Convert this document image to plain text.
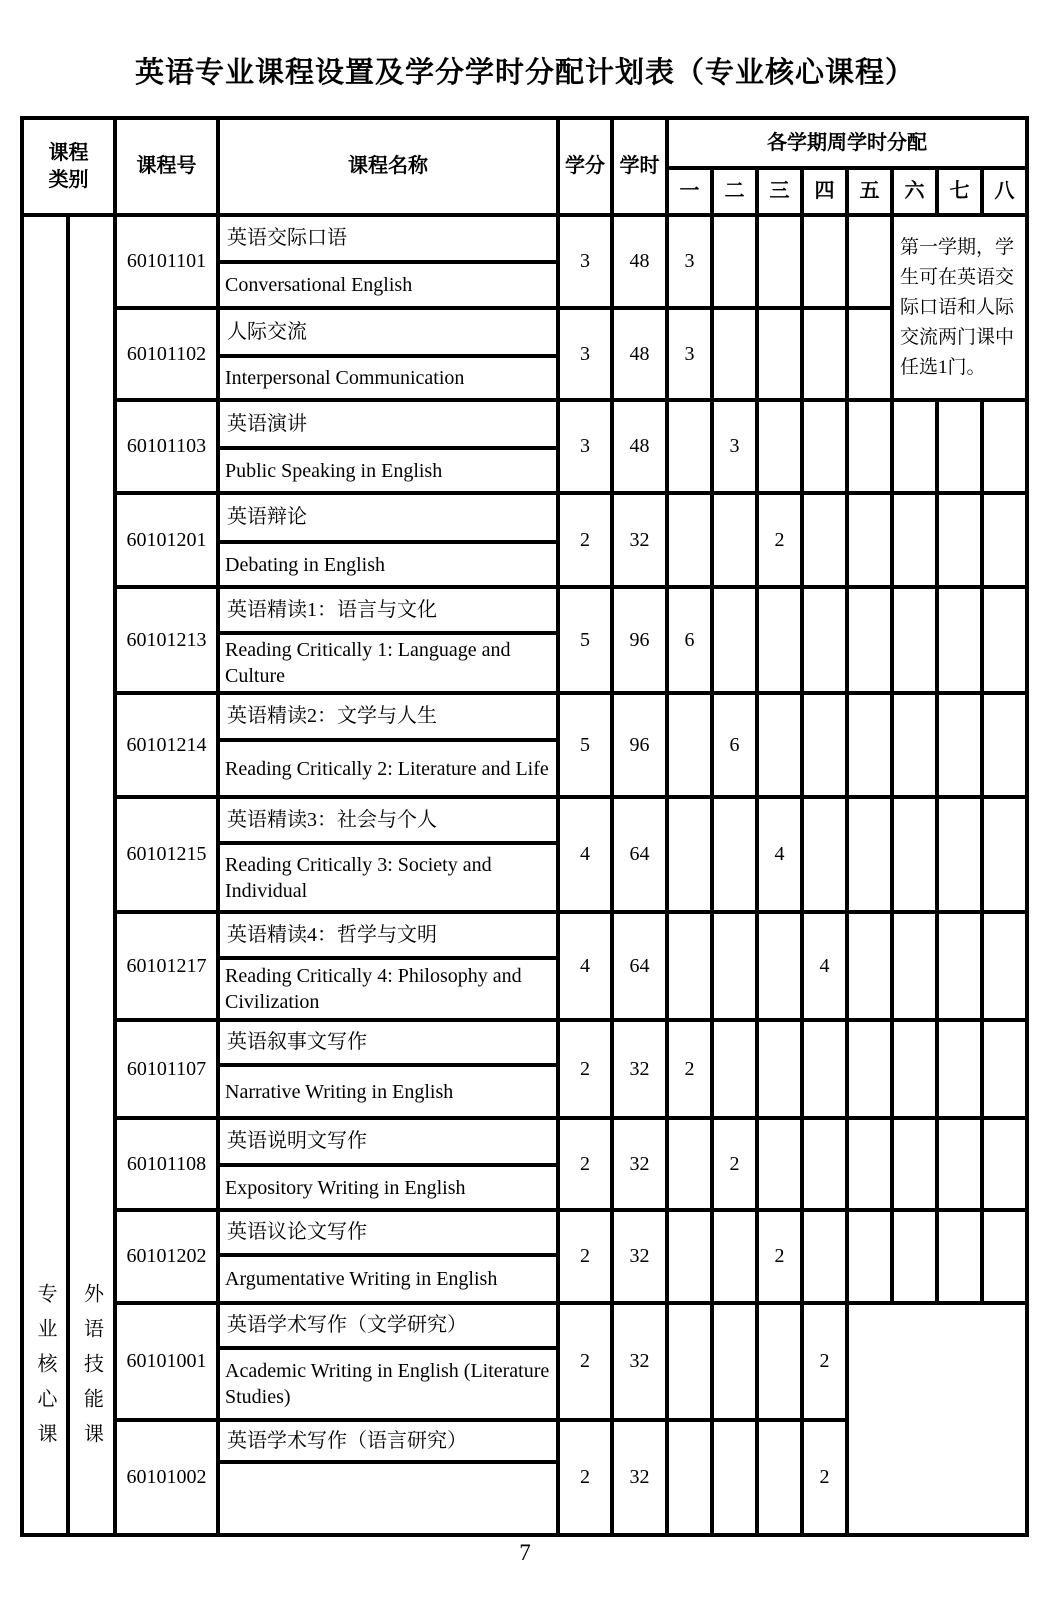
英语专业课程设置及学分学时分配计划表（专业核心课程）
课程类别		课程号	课程名称	学分	学时	各学期周学时分配							
						一	二	三	四	五	六	七	八

专业核心课	外语技能课	60101101	英语交际口语	3	48	3					第一学期，学生可在英语交际口语和人际交流两门课中任选1门。		
			Conversational English										
		60101102	人际交流	3	48	3							
			Interpersonal Communication										
		60101103	英语演讲	3	48		3						
			Public Speaking in English										
		60101201	英语辩论	2	32			2					
			Debating in English										
		60101213	英语精读1：语言与文化	5	96	6							
			Reading Critically 1: Language and Culture										
		60101214	英语精读2：文学与人生	5	96		6						
			Reading Critically 2: Literature and Life										
		60101215	英语精读3：社会与个人	4	64			4					
			Reading Critically 3: Society and Individual										
		60101217	英语精读4：哲学与文明	4	64				4				
			Reading Critically 4: Philosophy and Civilization										
		60101107	英语叙事文写作	2	32	2							
			Narrative Writing in English										
		60101108	英语说明文写作	2	32		2						
			Expository Writing in English										
		60101202	英语议论文写作	2	32			2					
			Argumentative Writing in English										
		60101001	英语学术写作（文学研究）	2	32				2				
			Academic Writing in English (Literature Studies)										
		60101002	英语学术写作（语言研究）	2	32				2				

7
